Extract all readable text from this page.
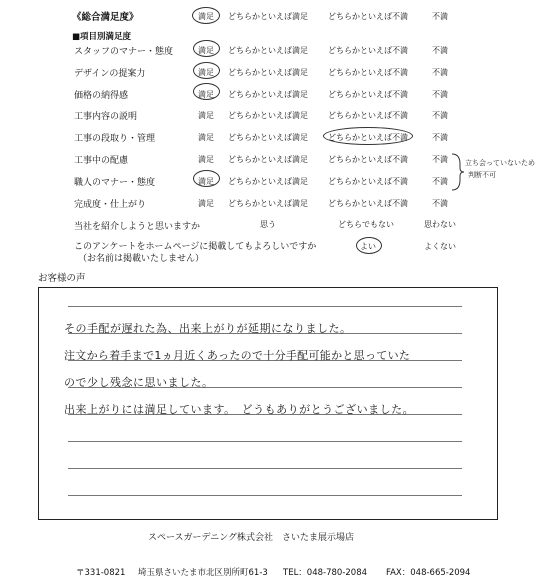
《総合満足度》	満足 どちらかといえば満足	どちらかといえば不満	不満
■項目別満足度
スタッフのマナー・態度	満足 どちらかといえば満足	どちらかといえば不満	不満
デザインの提案力	満足 どちらかといえば満足	どちらかといえば不満	不満
価格の納得感	満足 どちらかといえば満足	どちらかといえば不満	不満
工事内容の説明	満足 どちらかといえば満足	どちらかといえば不満	不満
工事の段取り・管理	満足 どちらかといえば満足	どちらかといえば不満	不満
工事中の配慮	満足 どちらかといえば満足	どちらかといえば不満	不満
職人のマナー・態度	満足 どちらかといえば満足	どちらかといえば不満	不満
完成度・仕上がり	満足 どちらかといえば満足	どちらかといえば不満	不満
立ち会っていないため
判断不可
当社を紹介しようと思いますか	思う	どちらでもない	思わない
このアンケートをホームページに掲載してもよろしいですか
（お名前は掲載いたしません）
よい	よくない
お客様の声
その手配が遅れた為、出来上がりが延期になりました。
注文から着手まで1ヵ月近くあったので十分手配可能かと思っていた
ので少し残念に思いました。
出来上がりには満足しています。　どうもありがとうございました。
スペースガーデニング株式会社　さいたま展示場店
〒331-0821 埼玉県さいたま市北区別所町61-3 TEL：048-780-2084 FAX：048-665-2094
